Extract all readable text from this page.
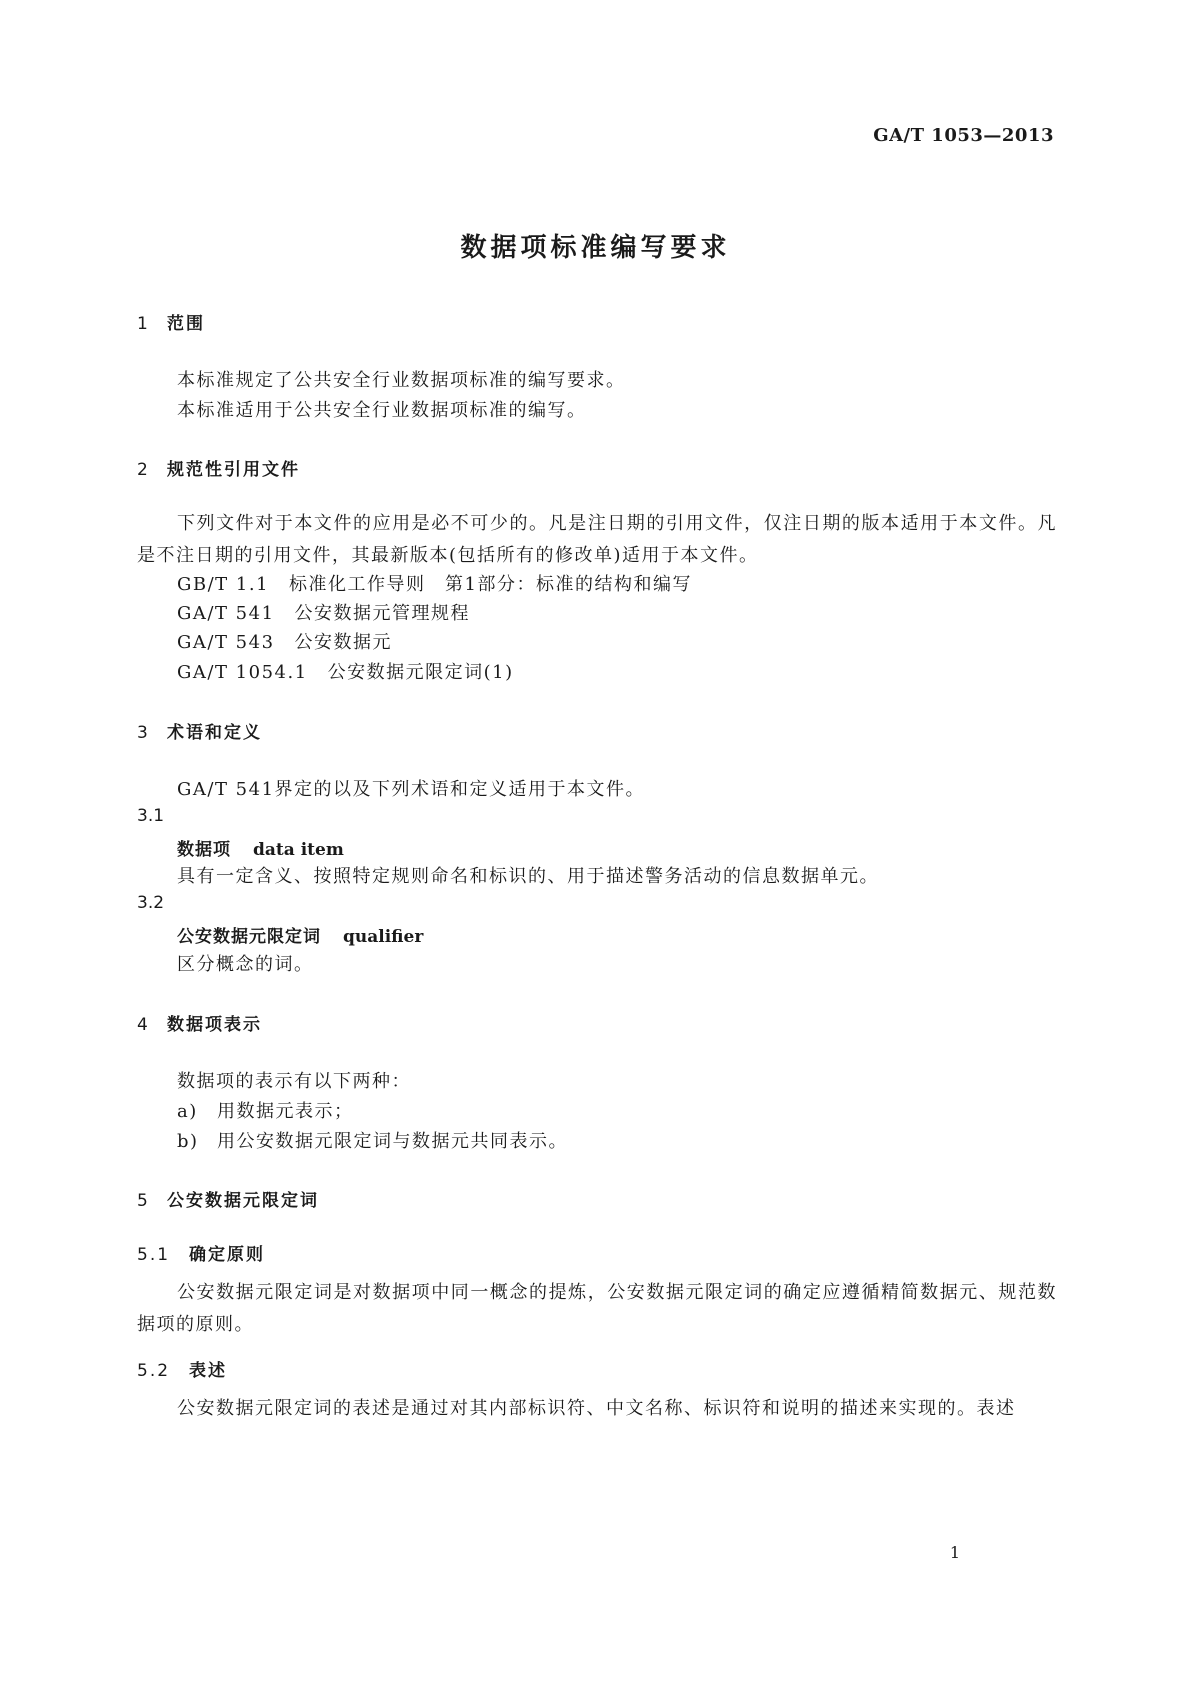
GA/T 1053—2013
数据项标准编写要求
1 范围
本标准规定了公共安全行业数据项标准的编写要求。
本标准适用于公共安全行业数据项标准的编写。
2 规范性引用文件
下列文件对于本文件的应用是必不可少的。凡是注日期的引用文件，仅注日期的版本适用于本文件。凡是不注日期的引用文件，其最新版本(包括所有的修改单)适用于本文件。
GB/T 1.1 标准化工作导则　第1部分：标准的结构和编写
GA/T 541 公安数据元管理规程
GA/T 543 公安数据元
GA/T 1054.1 公安数据元限定词(1)
3 术语和定义
GA/T 541界定的以及下列术语和定义适用于本文件。
3.1
数据项 data item
具有一定含义、按照特定规则命名和标识的、用于描述警务活动的信息数据单元。
3.2
公安数据元限定词 qualifier
区分概念的词。
4 数据项表示
数据项的表示有以下两种：
a) 用数据元表示；
b) 用公安数据元限定词与数据元共同表示。
5 公安数据元限定词
5.1 确定原则
公安数据元限定词是对数据项中同一概念的提炼，公安数据元限定词的确定应遵循精简数据元、规范数据项的原则。
5.2 表述
公安数据元限定词的表述是通过对其内部标识符、中文名称、标识符和说明的描述来实现的。表述
1
